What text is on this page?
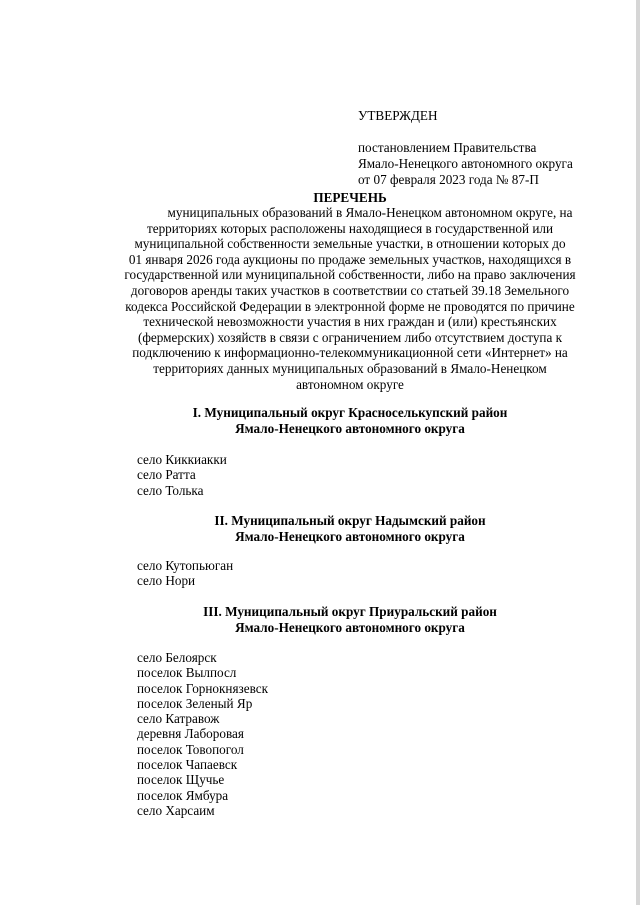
УТВЕРЖДЕН
постановлением Правительства
Ямало-Ненецкого автономного округа
от 07 февраля 2023 года № 87-П
ПЕРЕЧЕНЬ
муниципальных образований в Ямало-Ненецком автономном округе, на
территориях которых расположены находящиеся в государственной или
муниципальной собственности земельные участки, в отношении которых до
01 января 2026 года аукционы по продаже земельных участков, находящихся в
государственной или муниципальной собственности, либо на право заключения
договоров аренды таких участков в соответствии со статьей 39.18 Земельного
кодекса Российской Федерации в электронной форме не проводятся по причине
технической невозможности участия в них граждан и (или) крестьянских
(фермерских) хозяйств в связи с ограничением либо отсутствием доступа к
подключению к информационно-телекоммуникационной сети «Интернет» на
территориях данных муниципальных образований в Ямало-Ненецком
автономном округе
I. Муниципальный округ Красноселькупский район
Ямало-Ненецкого автономного округа
село Киккиакки
село Ратта
село Толька
II. Муниципальный округ Надымский район
Ямало-Ненецкого автономного округа
село Кутопьюган
село Нори
III. Муниципальный округ Приуральский район
Ямало-Ненецкого автономного округа
село Белоярск
поселок Вылпосл
поселок Горнокнязевск
поселок Зеленый Яр
село Катравож
деревня Лаборовая
поселок Товопогол
поселок Чапаевск
поселок Щучье
поселок Ямбура
село Харсаим
